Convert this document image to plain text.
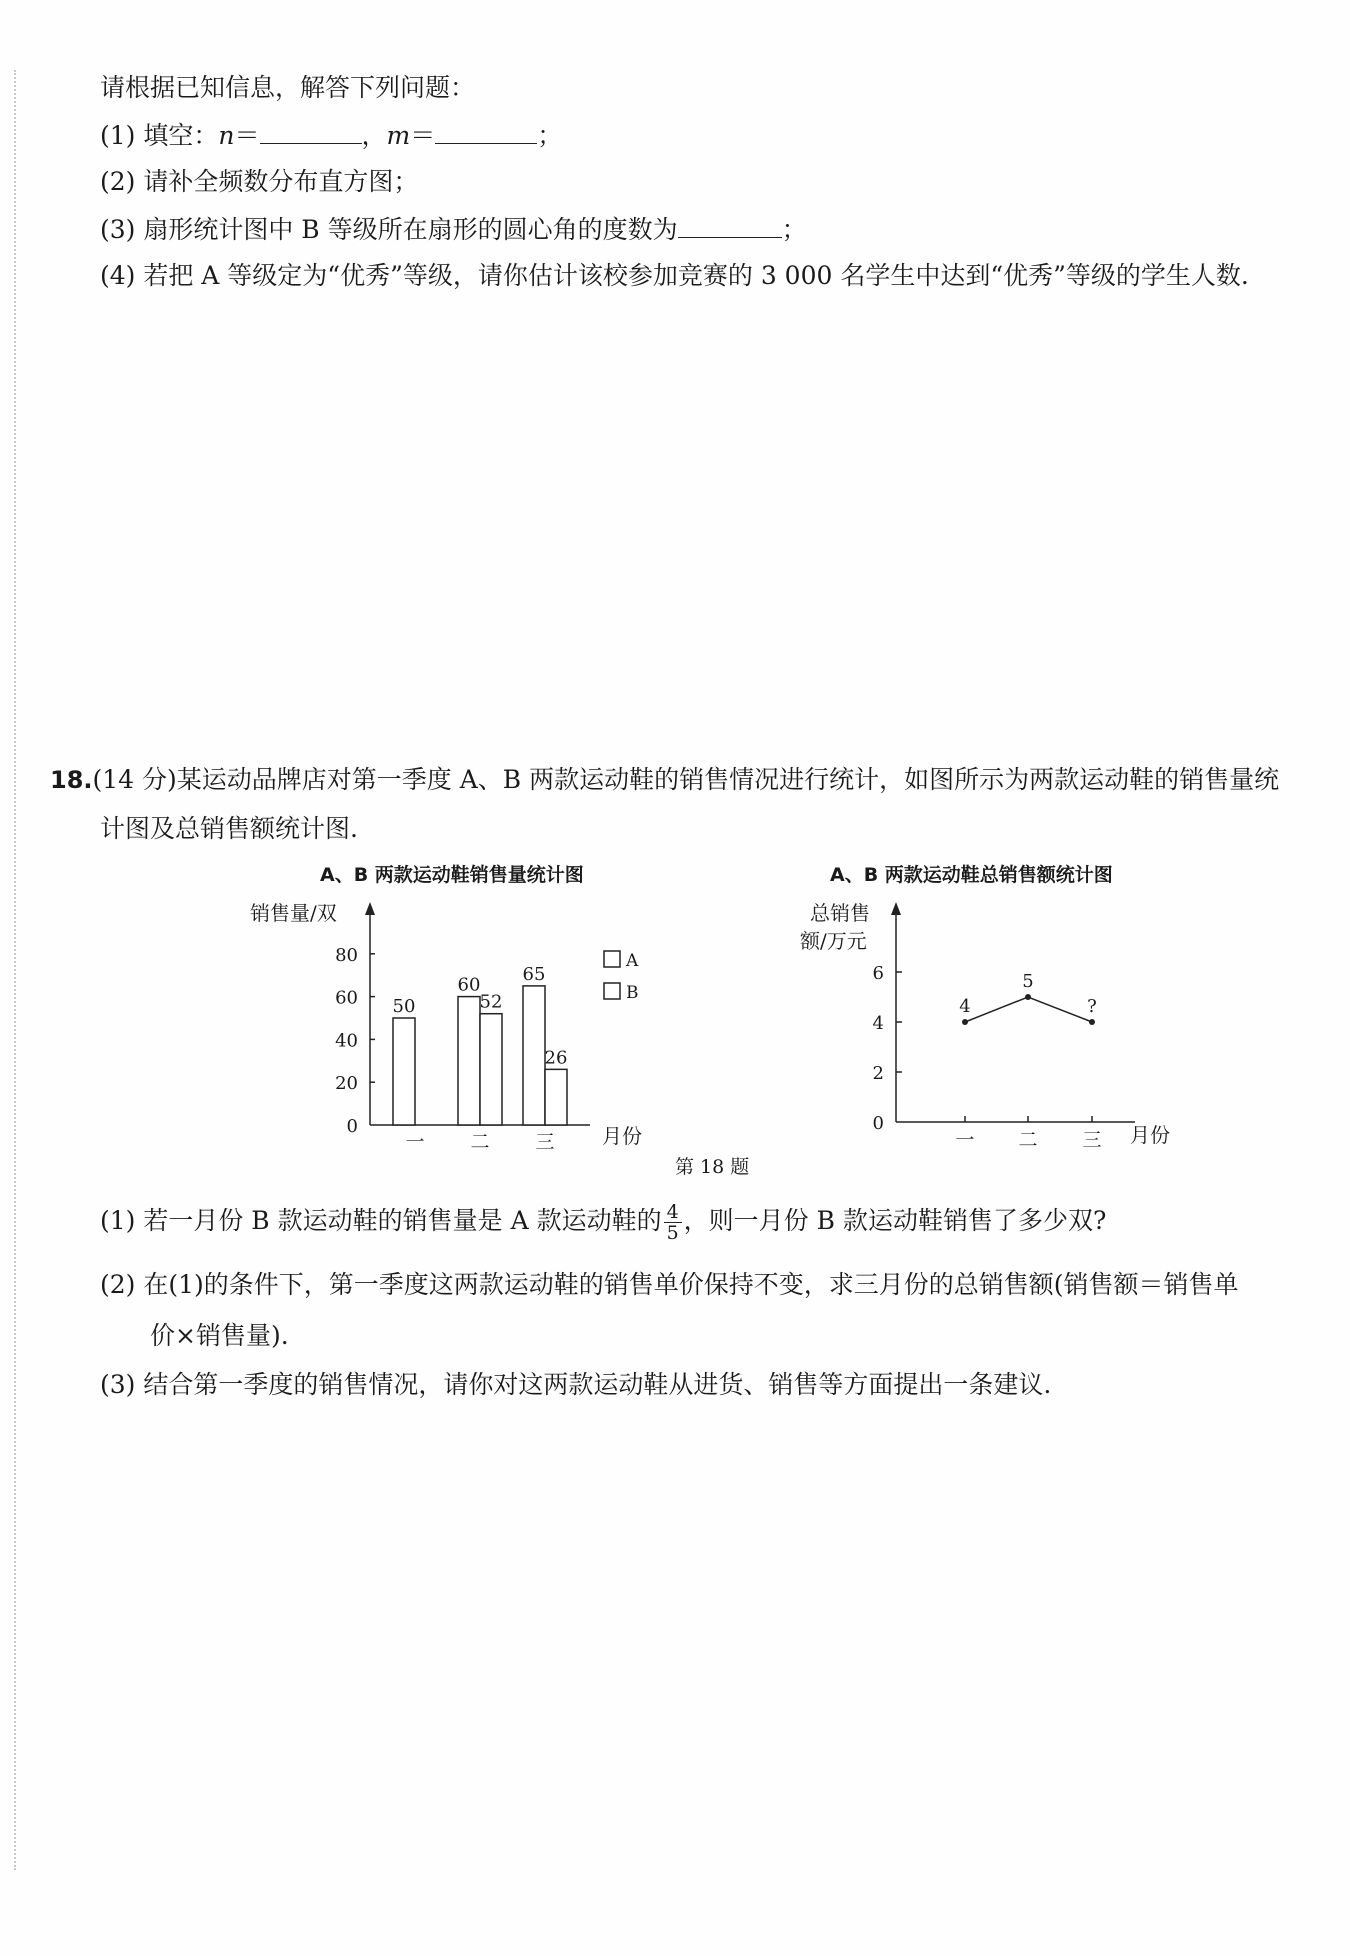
请根据已知信息，解答下列问题：
(1) 填空：n＝	，m＝	；
(2) 请补全频数分布直方图；
(3) 扇形统计图中 B 等级所在扇形的圆心角的度数为	；
(4) 若把 A 等级定为“优秀”等级，请你估计该校参加竞赛的 3 000 名学生中达到“优秀”等级的学生人数.
18.(14 分)某运动品牌店对第一季度 A、B 两款运动鞋的销售情况进行统计，如图所示为两款运动鞋的销售量统
计图及总销售额统计图.
A、B 两款运动鞋销售量统计图	A、B 两款运动鞋总销售额统计图
销售量/双
0
20
40
60
80
50
60
52
65
26
一 二 三 月份
A
B
总销售
额/万元
0
2
4
6
4
5
?
一 二 三 月份
第 18 题
(1) 若一月份 B 款运动鞋的销售量是 A 款运动鞋的 $\frac{4}{5}$ ，则一月份 B 款运动鞋销售了多少双?
(2) 在(1)的条件下，第一季度这两款运动鞋的销售单价保持不变，求三月份的总销售额(销售额＝销售单
价×销售量).
(3) 结合第一季度的销售情况，请你对这两款运动鞋从进货、销售等方面提出一条建议.
